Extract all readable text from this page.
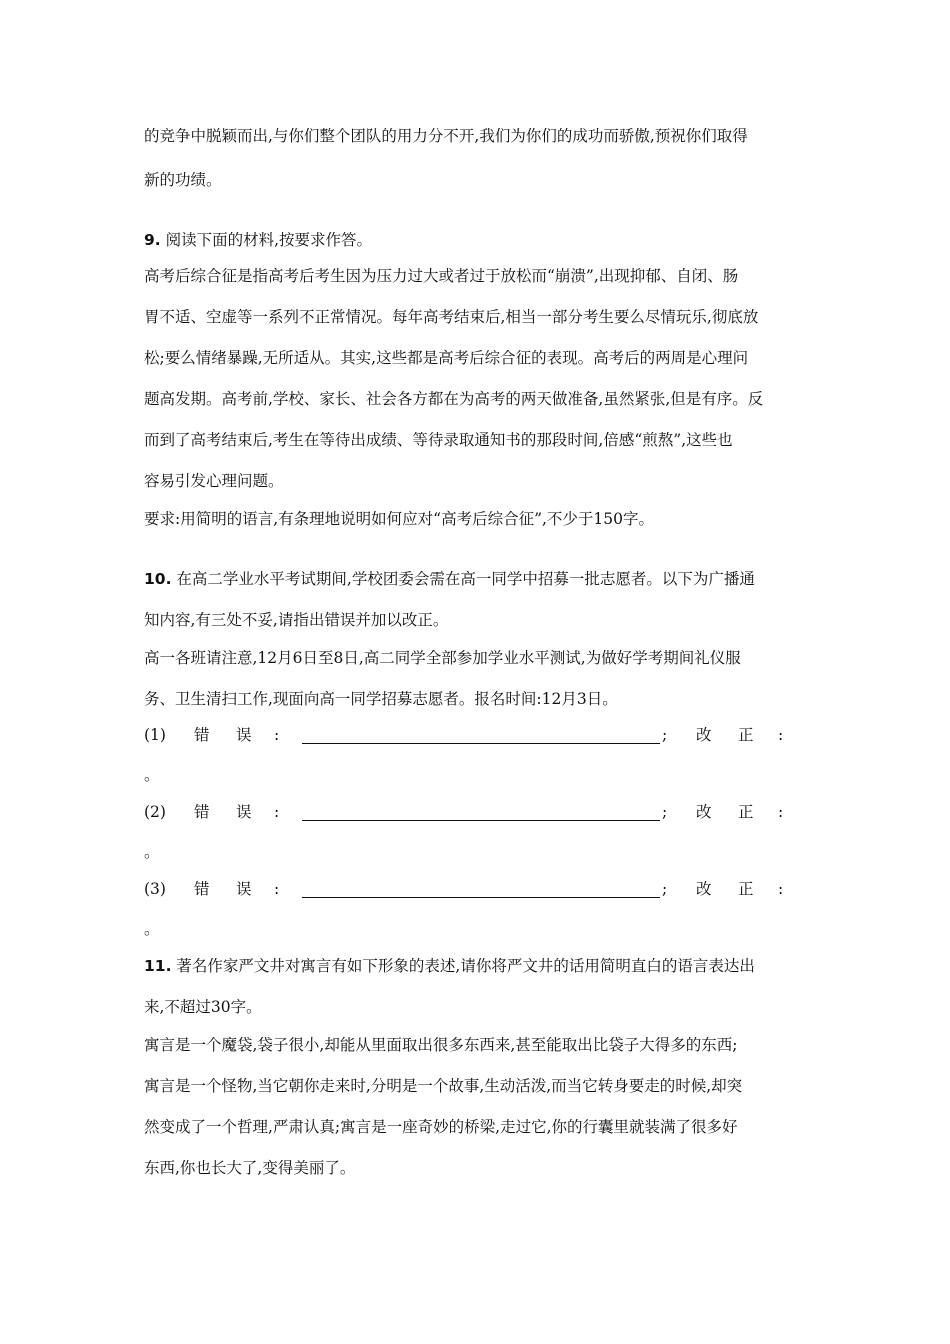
的竞争中脱颖而出,与你们整个团队的用力分不开,我们为你们的成功而骄傲,预祝你们取得
新的功绩。
9. 阅读下面的材料,按要求作答。
高考后综合征是指高考后考生因为压力过大或者过于放松而“崩溃”,出现抑郁、自闭、肠
胃不适、空虚等一系列不正常情况。每年高考结束后,相当一部分考生要么尽情玩乐,彻底放
松;要么情绪暴躁,无所适从。其实,这些都是高考后综合征的表现。高考后的两周是心理问
题高发期。高考前,学校、家长、社会各方都在为高考的两天做准备,虽然紧张,但是有序。反
而到了高考结束后,考生在等待出成绩、等待录取通知书的那段时间,倍感“煎熬”,这些也
容易引发心理问题。
要求:用简明的语言,有条理地说明如何应对“高考后综合征”,不少于150字。
10. 在高二学业水平考试期间,学校团委会需在高一同学中招募一批志愿者。以下为广播通
知内容,有三处不妥,请指出错误并加以改正。
高一各班请注意,12月6日至8日,高二同学全部参加学业水平测试,为做好学考期间礼仪服
务、卫生清扫工作,现面向高一同学招募志愿者。报名时间:12月3日。
(1) 错 误 :	; 改 正 :
。
(2) 错 误 :	; 改 正 :
。
(3) 错 误 :	; 改 正 :
。
11. 著名作家严文井对寓言有如下形象的表述,请你将严文井的话用简明直白的语言表达出
来,不超过30字。
寓言是一个魔袋,袋子很小,却能从里面取出很多东西来,甚至能取出比袋子大得多的东西;
寓言是一个怪物,当它朝你走来时,分明是一个故事,生动活泼,而当它转身要走的时候,却突
然变成了一个哲理,严肃认真;寓言是一座奇妙的桥梁,走过它,你的行囊里就装满了很多好
东西,你也长大了,变得美丽了。
